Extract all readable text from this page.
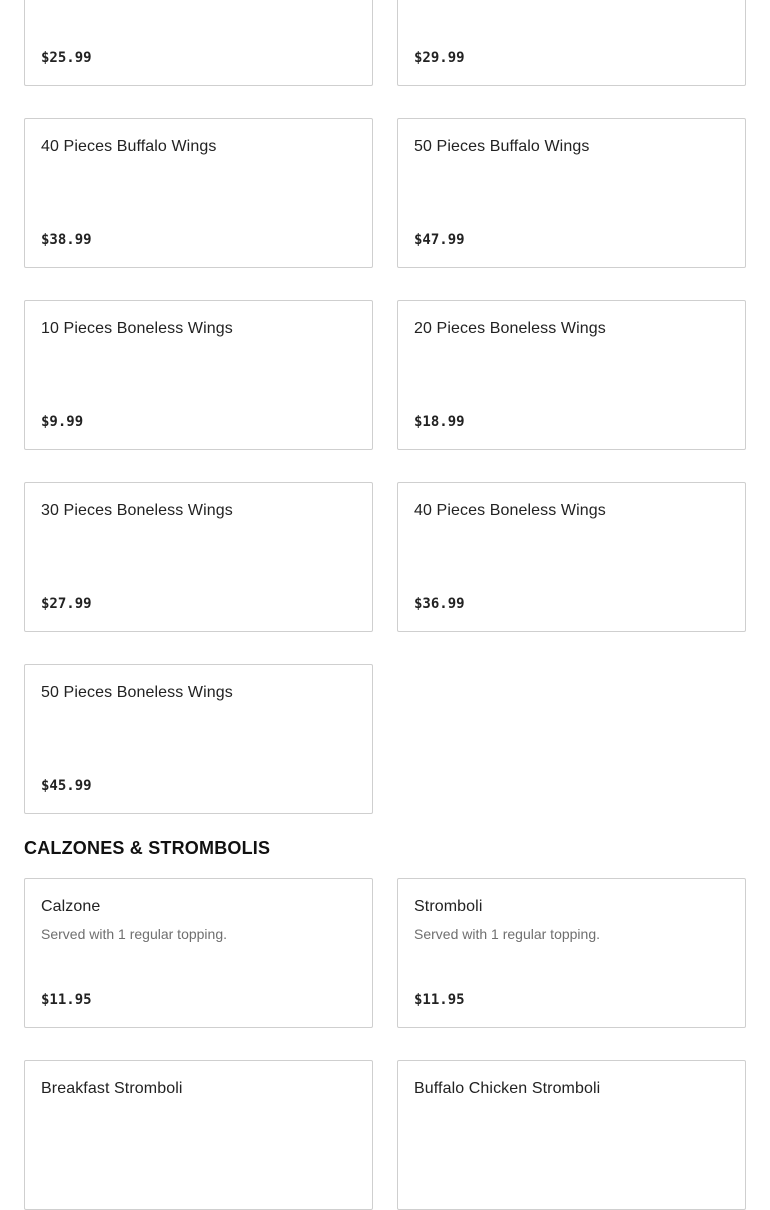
$25.99	$29.99
40 Pieces Buffalo Wings
$38.99
50 Pieces Buffalo Wings
$47.99
10 Pieces Boneless Wings
$9.99
20 Pieces Boneless Wings
$18.99
30 Pieces Boneless Wings
$27.99
40 Pieces Boneless Wings
$36.99
50 Pieces Boneless Wings
$45.99
CALZONES & STROMBOLIS
Calzone
Served with 1 regular topping.
$11.95
Stromboli
Served with 1 regular topping.
$11.95
Breakfast Stromboli	Buffalo Chicken Stromboli
